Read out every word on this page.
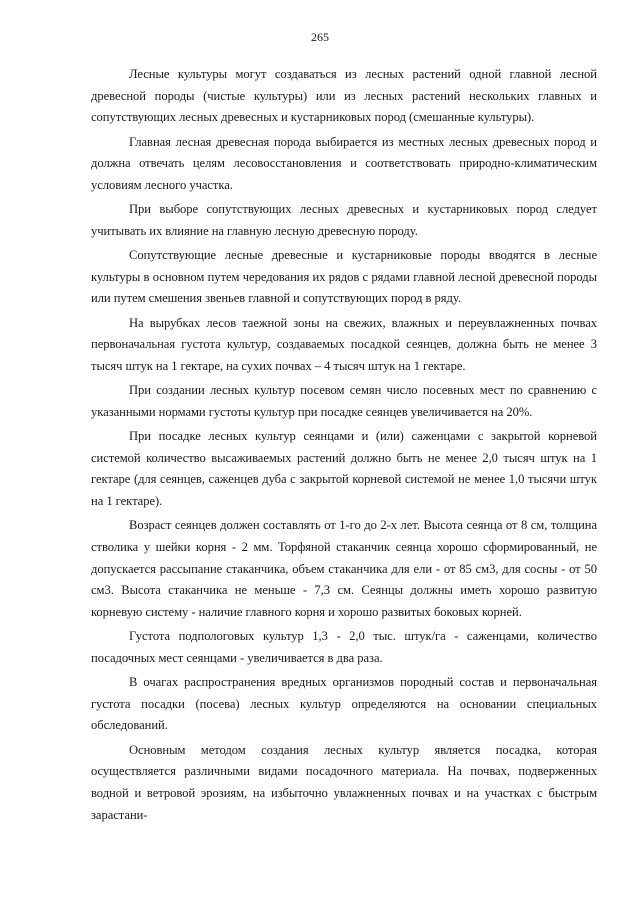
265

Лесные культуры могут создаваться из лесных растений одной главной лесной древесной породы (чистые культуры) или из лесных растений нескольких главных и сопутствующих лесных древесных и кустарниковых пород (смешанные культуры).

Главная лесная древесная порода выбирается из местных лесных древесных пород и должна отвечать целям лесовосстановления и соответствовать природно-климатическим условиям лесного участка.

При выборе сопутствующих лесных древесных и кустарниковых пород следует учитывать их влияние на главную лесную древесную породу.

Сопутствующие лесные древесные и кустарниковые породы вводятся в лесные культуры в основном путем чередования их рядов с рядами главной лесной древесной породы или путем смешения звеньев главной и сопутствующих пород в ряду.

На вырубках лесов таежной зоны на свежих, влажных и переувлажненных почвах первоначальная густота культур, создаваемых посадкой сеянцев, должна быть не менее 3 тысяч штук на 1 гектаре, на сухих почвах – 4 тысяч штук на 1 гектаре.

При создании лесных культур посевом семян число посевных мест по сравнению с указанными нормами густоты культур при посадке сеянцев увеличивается на 20%.

При посадке лесных культур сеянцами и (или) саженцами с закрытой корневой системой количество высаживаемых растений должно быть не менее 2,0 тысяч штук на 1 гектаре (для сеянцев, саженцев дуба с закрытой корневой системой не менее 1,0 тысячи штук на 1 гектаре).

Возраст сеянцев должен составлять от 1-го до 2-х лет. Высота сеянца от 8 см, толщина стволика у шейки корня - 2 мм. Торфяной стаканчик сеянца хорошо сформированный, не допускается рассыпание стаканчика, объем стаканчика для ели - от 85 см3, для сосны - от 50 см3. Высота стаканчика не меньше - 7,3 см. Сеянцы должны иметь хорошо развитую корневую систему - наличие главного корня и хорошо развитых боковых корней.

Густота подпологовых культур 1,3 - 2,0 тыс. штук/га - саженцами, количество посадочных мест сеянцами - увеличивается в два раза.

В очагах распространения вредных организмов породный состав и первоначальная густота посадки (посева) лесных культур определяются на основании специальных обследований.

Основным методом создания лесных культур является посадка, которая осуществляется различными видами посадочного материала. На почвах, подверженных водной и ветровой эрозиям, на избыточно увлажненных почвах и на участках с быстрым зарастани-
